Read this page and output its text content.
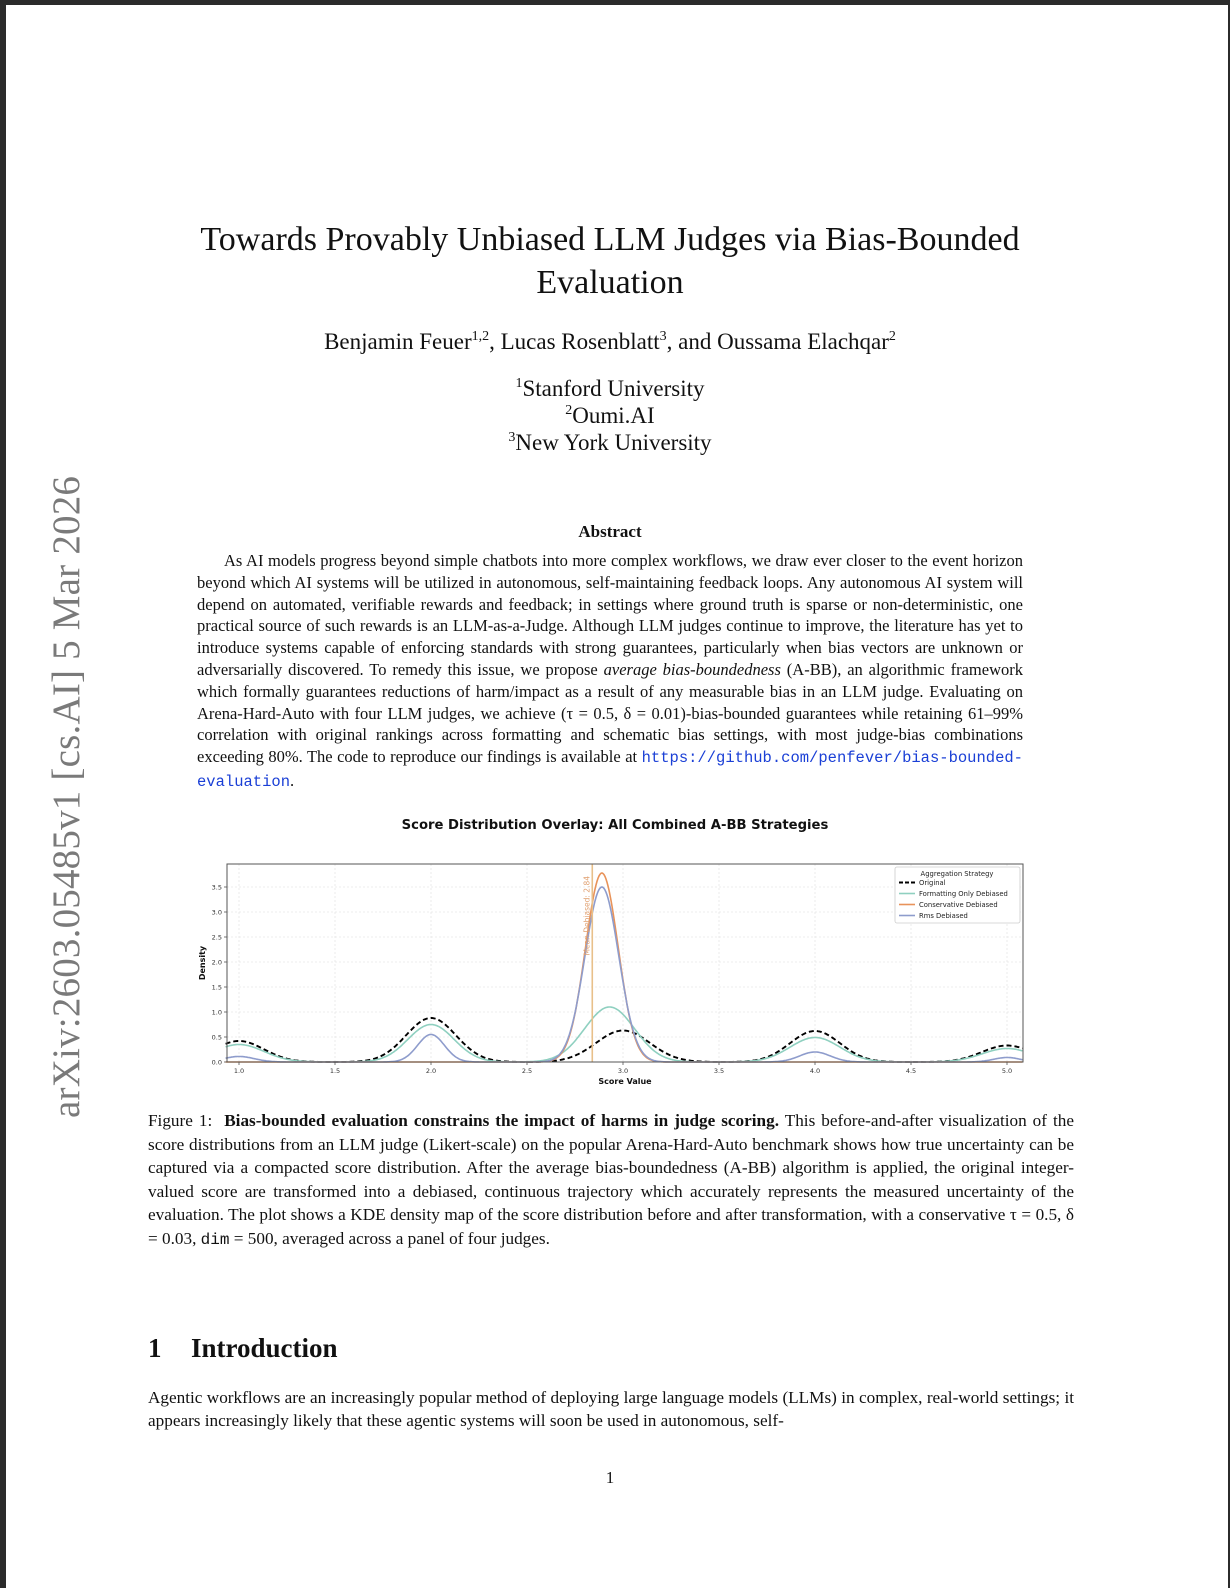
arXiv:2603.05485v1 [cs.AI] 5 Mar 2026
Towards Provably Unbiased LLM Judges via Bias-Bounded
Evaluation
Benjamin Feuer$^{1,2}$, Lucas Rosenblatt$^3$, and Oussama Elachqar$^2$
$^1$Stanford University
$^2$Oumi.AI
$^3$New York University
Abstract
As AI models progress beyond simple chatbots into more complex workflows, we draw ever closer to the event horizon beyond which AI systems will be utilized in autonomous, self-maintaining feedback loops. Any autonomous AI system will depend on automated, verifiable rewards and feedback; in settings where ground truth is sparse or non-deterministic, one practical source of such rewards is an LLM-as-a-Judge. Although LLM judges continue to improve, the literature has yet to introduce systems capable of enforcing standards with strong guarantees, particularly when bias vectors are unknown or adversarially discovered. To remedy this issue, we propose average bias-boundedness (A-BB), an algorithmic framework which formally guarantees reductions of harm/impact as a result of any measurable bias in an LLM judge. Evaluating on Arena-Hard-Auto with four LLM judges, we achieve (τ = 0.5, δ = 0.01)-bias-bounded guarantees while retaining 61–99% correlation with original rankings across formatting and schematic bias settings, with most judge-bias combinations exceeding 80%. The code to reproduce our findings is available at https://github.com/penfever/bias-bounded-evaluation.
Score Distribution Overlay: All Combined A-BB Strategies
Mean Debiased: 2.84
1.0	1.5	2.0	2.5	3.0	3.5	4.0	4.5	5.0
0.0
0.5
1.0
1.5
2.0
2.5
3.0
3.5
Score Value
Density
Aggregation Strategy
Original
Formatting Only Debiased
Conservative Debiased
Rms Debiased
Figure 1: Bias-bounded evaluation constrains the impact of harms in judge scoring. This before-and-after visualization of the score distributions from an LLM judge (Likert-scale) on the popular Arena-Hard-Auto benchmark shows how true uncertainty can be captured via a compacted score distribution. After the average bias-boundedness (A-BB) algorithm is applied, the original integer-valued score are transformed into a debiased, continuous trajectory which accurately represents the measured uncertainty of the evaluation. The plot shows a KDE density map of the score distribution before and after transformation, with a conservative τ = 0.5, δ = 0.03, dim = 500, averaged across a panel of four judges.
1 Introduction
Agentic workflows are an increasingly popular method of deploying large language models (LLMs) in complex, real-world settings; it appears increasingly likely that these agentic systems will soon be used in autonomous, self-
1
